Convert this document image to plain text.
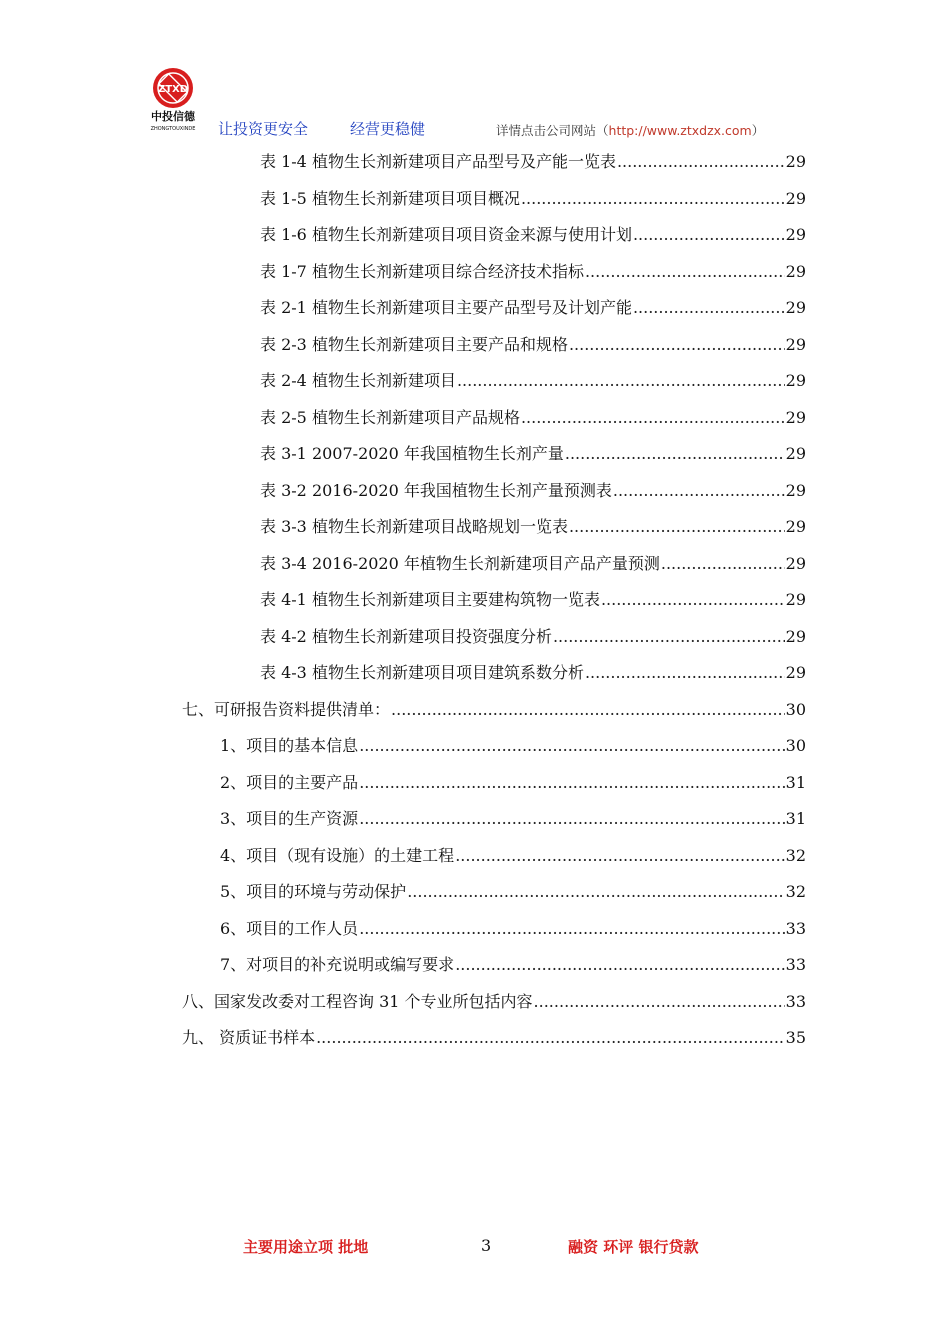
ZTXD
中投信德
ZHONGTOUXINDE 让投资更安全	经营更稳健	详情点击公司网站（http://www.ztxdzx.com）
表 1-4 植物生长剂新建项目产品型号及产能一览表 .....	29
表 1-5 植物生长剂新建项目项目概况 .....	29
表 1-6 植物生长剂新建项目项目资金来源与使用计划 .....	29
表 1-7 植物生长剂新建项目综合经济技术指标 .....	29
表 2-1 植物生长剂新建项目主要产品型号及计划产能 .....	29
表 2-3 植物生长剂新建项目主要产品和规格 .....	29
表 2-4 植物生长剂新建项目 .....	29
表 2-5 植物生长剂新建项目产品规格 .....	29
表 3-1 2007-2020 年我国植物生长剂产量 .....	29
表 3-2 2016-2020 年我国植物生长剂产量预测表 .....	29
表 3-3 植物生长剂新建项目战略规划一览表 .....	29
表 3-4 2016-2020 年植物生长剂新建项目产品产量预测 .....	29
表 4-1 植物生长剂新建项目主要建构筑物一览表 .....	29
表 4-2 植物生长剂新建项目投资强度分析 .....	29
表 4-3 植物生长剂新建项目项目建筑系数分析 .....	29
七、可研报告资料提供清单： .....	30
1、项目的基本信息 .....	30
2、项目的主要产品 .....	31
3、项目的生产资源 .....	31
4、项目（现有设施）的土建工程 .....	32
5、项目的环境与劳动保护 .....	32
6、项目的工作人员 .....	33
7、对项目的补充说明或编写要求 .....	33
八、国家发改委对工程咨询 31 个专业所包括内容 .....	33
九、 资质证书样本 .....	35
主要用途立项 批地	3	融资 环评 银行贷款
